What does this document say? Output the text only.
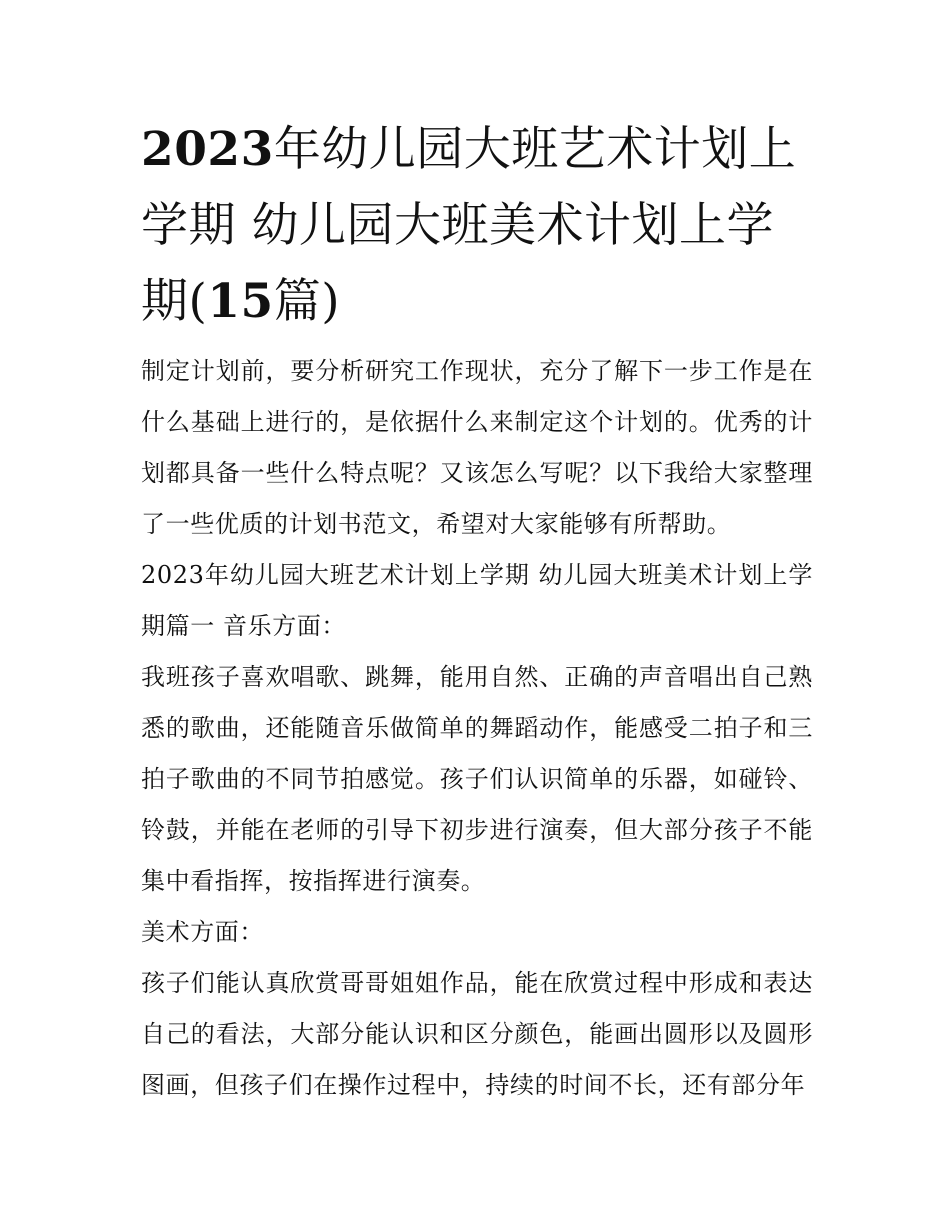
2023年幼儿园大班艺术计划上学期 幼儿园大班美术计划上学期(15篇)

制定计划前，要分析研究工作现状，充分了解下一步工作是在什么基础上进行的，是依据什么来制定这个计划的。优秀的计划都具备一些什么特点呢？又该怎么写呢？以下我给大家整理了一些优质的计划书范文，希望对大家能够有所帮助。

2023年幼儿园大班艺术计划上学期 幼儿园大班美术计划上学期篇一 音乐方面：

我班孩子喜欢唱歌、跳舞，能用自然、正确的声音唱出自己熟悉的歌曲，还能随音乐做简单的舞蹈动作，能感受二拍子和三拍子歌曲的不同节拍感觉。孩子们认识简单的乐器，如碰铃、铃鼓，并能在老师的引导下初步进行演奏，但大部分孩子不能集中看指挥，按指挥进行演奏。

美术方面：

孩子们能认真欣赏哥哥姐姐作品，能在欣赏过程中形成和表达自己的看法，大部分能认识和区分颜色，能画出圆形以及圆形图画，但孩子们在操作过程中，持续的时间不长，还有部分年
